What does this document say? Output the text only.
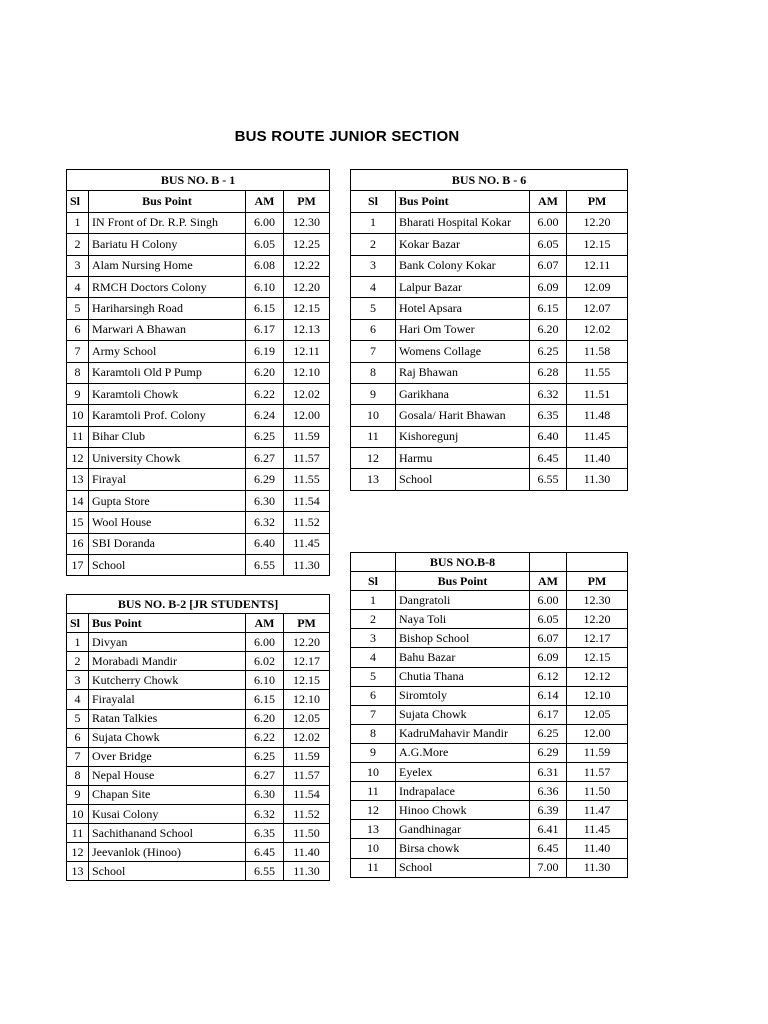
BUS ROUTE JUNIOR SECTION
BUS NO. B - 1			
Sl	Bus Point	AM	PM
1	IN Front of Dr. R.P. Singh	6.00	12.30
2	Bariatu H Colony	6.05	12.25
3	Alam Nursing Home	6.08	12.22
4	RMCH Doctors Colony	6.10	12.20
5	Hariharsingh Road	6.15	12.15
6	Marwari A Bhawan	6.17	12.13
7	Army School	6.19	12.11
8	Karamtoli Old P Pump	6.20	12.10
9	Karamtoli Chowk	6.22	12.02
10	Karamtoli Prof. Colony	6.24	12.00
11	Bihar Club	6.25	11.59
12	University Chowk	6.27	11.57
13	Firayal	6.29	11.55
14	Gupta Store	6.30	11.54
15	Wool House	6.32	11.52
16	SBI Doranda	6.40	11.45
17	School	6.55	11.30
BUS NO. B - 6			
Sl	Bus Point	AM	PM
1	Bharati Hospital Kokar	6.00	12.20
2	Kokar Bazar	6.05	12.15
3	Bank Colony Kokar	6.07	12.11
4	Lalpur Bazar	6.09	12.09
5	Hotel Apsara	6.15	12.07
6	Hari Om Tower	6.20	12.02
7	Womens Collage	6.25	11.58
8	Raj Bhawan	6.28	11.55
9	Garikhana	6.32	11.51
10	Gosala/ Harit Bhawan	6.35	11.48
11	Kishoregunj	6.40	11.45
12	Harmu	6.45	11.40
13	School	6.55	11.30
BUS NO. B-2 [JR STUDENTS]			
Sl	Bus Point	AM	PM
1	Divyan	6.00	12.20
2	Morabadi Mandir	6.02	12.17
3	Kutcherry Chowk	6.10	12.15
4	Firayalal	6.15	12.10
5	Ratan Talkies	6.20	12.05
6	Sujata Chowk	6.22	12.02
7	Over Bridge	6.25	11.59
8	Nepal House	6.27	11.57
9	Chapan Site	6.30	11.54
10	Kusai Colony	6.32	11.52
11	Sachithanand School	6.35	11.50
12	Jeevanlok (Hinoo)	6.45	11.40
13	School	6.55	11.30
	BUS NO.B-8		
Sl	Bus Point	AM	PM
1	Dangratoli	6.00	12.30
2	Naya Toli	6.05	12.20
3	Bishop School	6.07	12.17
4	Bahu Bazar	6.09	12.15
5	Chutia Thana	6.12	12.12
6	Siromtoly	6.14	12.10
7	Sujata Chowk	6.17	12.05
8	KadruMahavir Mandir	6.25	12.00
9	A.G.More	6.29	11.59
10	Eyelex	6.31	11.57
11	Indrapalace	6.36	11.50
12	Hinoo Chowk	6.39	11.47
13	Gandhinagar	6.41	11.45
10	Birsa chowk	6.45	11.40
11	School	7.00	11.30
